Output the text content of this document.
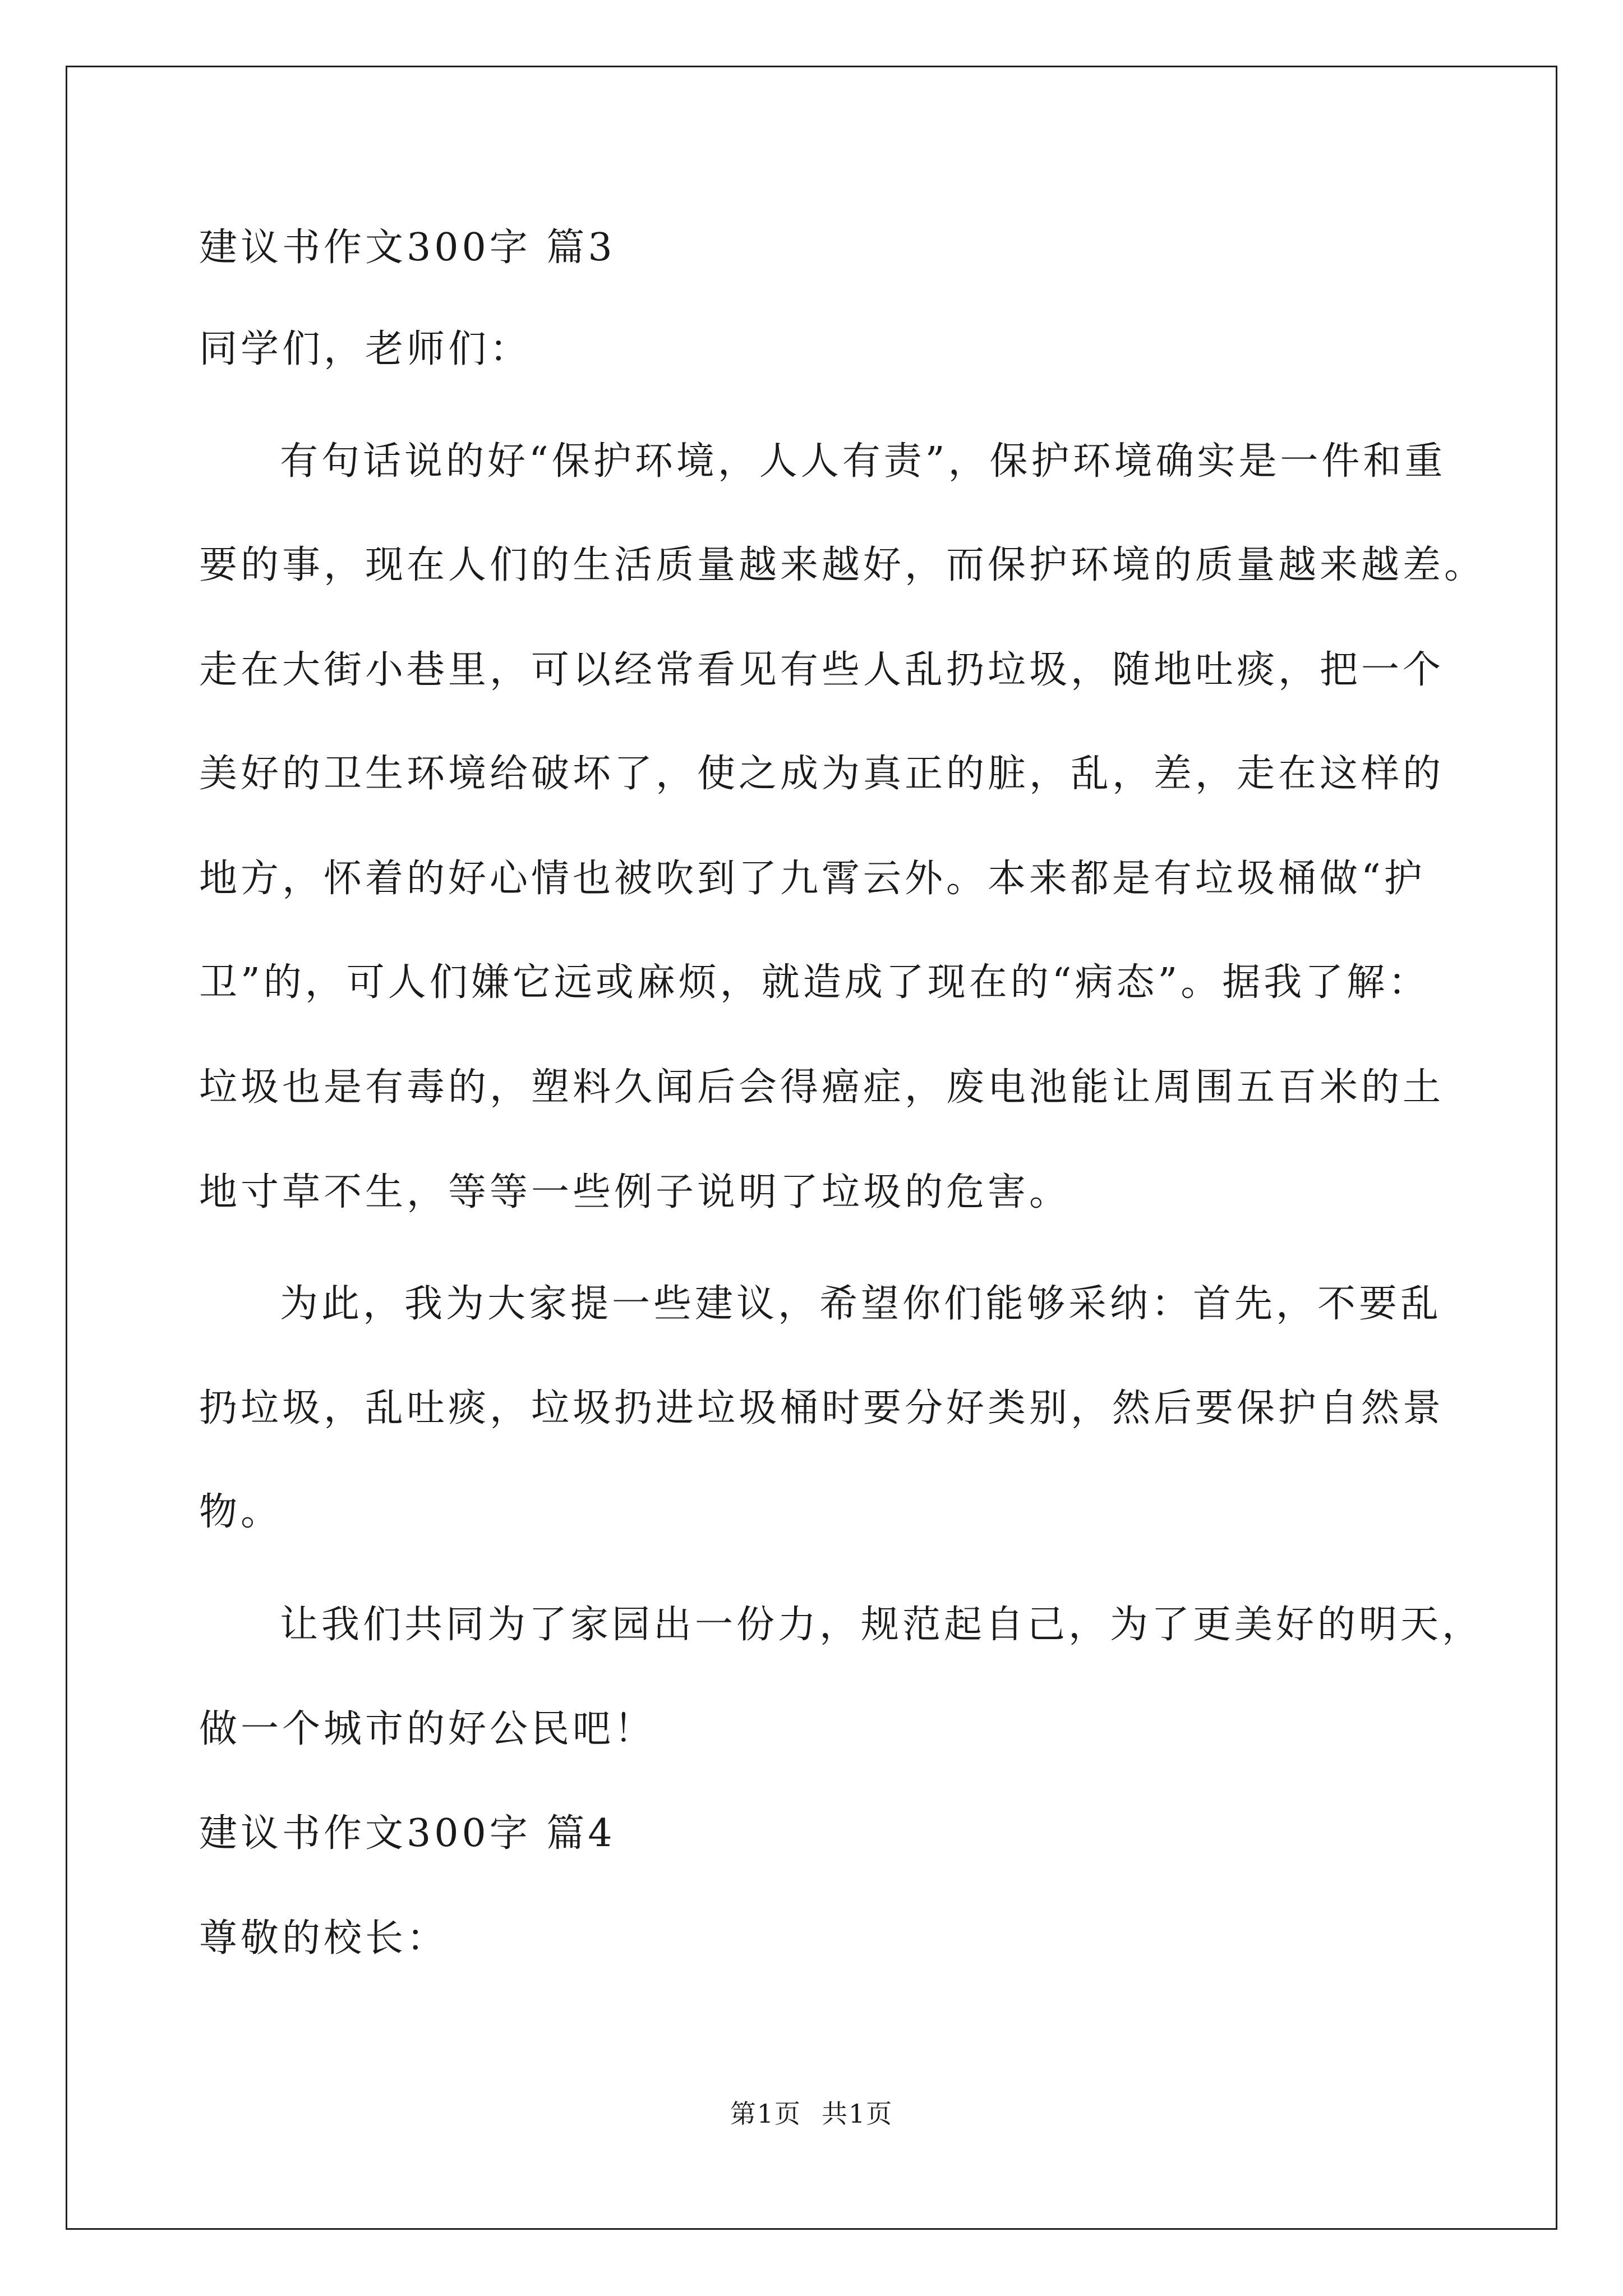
建议书作文300字 篇3
同学们，老师们：
有句话说的好“保护环境，人人有责”，保护环境确实是一件和重
要的事，现在人们的生活质量越来越好，而保护环境的质量越来越差。
走在大街小巷里，可以经常看见有些人乱扔垃圾，随地吐痰，把一个
美好的卫生环境给破坏了，使之成为真正的脏，乱，差，走在这样的
地方，怀着的好心情也被吹到了九霄云外。本来都是有垃圾桶做“护
卫”的，可人们嫌它远或麻烦，就造成了现在的“病态”。据我了解：
垃圾也是有毒的，塑料久闻后会得癌症，废电池能让周围五百米的土
地寸草不生，等等一些例子说明了垃圾的危害。
为此，我为大家提一些建议，希望你们能够采纳：首先，不要乱
扔垃圾，乱吐痰，垃圾扔进垃圾桶时要分好类别，然后要保护自然景
物。
让我们共同为了家园出一份力，规范起自己，为了更美好的明天，
做一个城市的好公民吧！
建议书作文300字 篇4
尊敬的校长：
第1页 共1页
